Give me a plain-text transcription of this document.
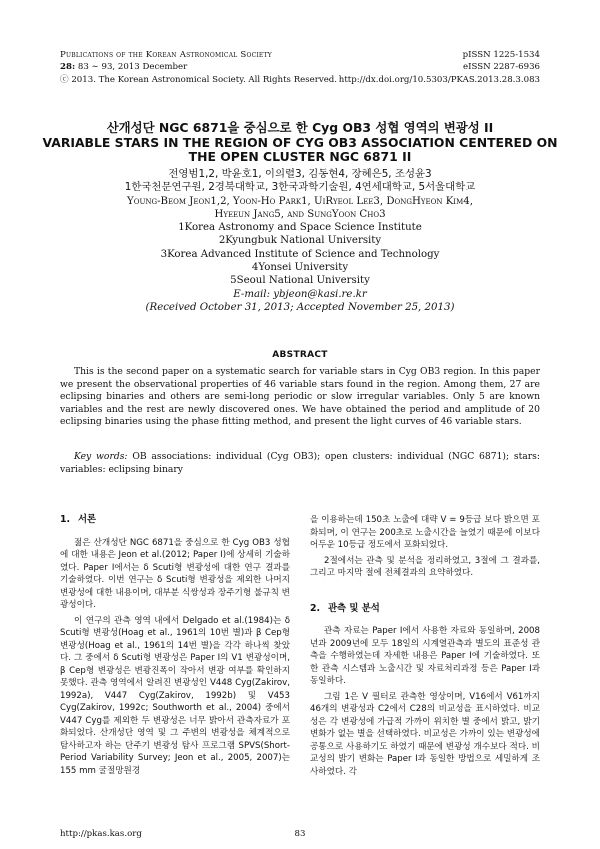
Publications of the Korean Astronomical Society
28: 83 ∼ 93, 2013 December
ⓒ 2013. The Korean Astronomical Society. All Rights Reserved.
pISSN 1225-1534
eISSN 2287-6936
http://dx.doi.org/10.5303/PKAS.2013.28.3.083
산개성단 NGC 6871을 중심으로 한 Cyg OB3 성협 영역의 변광성 II
VARIABLE STARS IN THE REGION OF CYG OB3 ASSOCIATION CENTERED ON
THE OPEN CLUSTER NGC 6871 II
전영범1,2, 박윤호1, 이의렬3, 김동현4, 장혜은5, 조성윤3
1한국천문연구원, 2경북대학교, 3한국과학기술원, 4연세대학교, 5서울대학교
Young-Beom Jeon1,2, Yoon-Ho Park1, UiRyeol Lee3, DongHyeon Kim4,
Hyeeun Jang5, and SungYoon Cho3
1Korea Astronomy and Space Science Institute
2Kyungbuk National University
3Korea Advanced Institute of Science and Technology
4Yonsei University
5Seoul National University
E-mail: ybjeon@kasi.re.kr
(Received October 31, 2013; Accepted November 25, 2013)
ABSTRACT
This is the second paper on a systematic search for variable stars in Cyg OB3 region. In this paper we present the observational properties of 46 variable stars found in the region. Among them, 27 are eclipsing binaries and others are semi-long periodic or slow irregular variables. Only 5 are known variables and the rest are newly discovered ones. We have obtained the period and amplitude of 20 eclipsing binaries using the phase fitting method, and present the light curves of 46 variable stars.
Key words: OB associations: individual (Cyg OB3); open clusters: individual (NGC 6871); stars: variables: eclipsing binary
1. 서론

젊은 산개성단 NGC 6871을 중심으로 한 Cyg OB3 성협에 대한 내용은 Jeon et al.(2012; Paper I)에 상세히 기술하였다. Paper I에서는 δ Scuti형 변광성에 대한 연구 결과를 기술하였다. 이번 연구는 δ Scuti형 변광성을 제외한 나머지 변광성에 대한 내용이며, 대부분 식쌍성과 장주기형 불규칙 변광성이다.

이 연구의 관측 영역 내에서 Delgado et al.(1984)는 δ Scuti형 변광성(Hoag et al., 1961의 10번 별)과 β Cep형 변광성(Hoag et al., 1961의 14번 별)을 각각 하나씩 찾았다. 그 중에서 δ Scuti형 변광성은 Paper I의 V1 변광성이며, β Cep형 변광성은 변광진폭이 작아서 변광 여부를 확인하지 못했다. 관측 영역에서 알려진 변광성인 V448 Cyg(Zakirov, 1992a), V447 Cyg(Zakirov, 1992b) 및 V453 Cyg(Zakirov, 1992c; Southworth et al., 2004) 중에서 V447 Cyg를 제외한 두 변광성은 너무 밝아서 관측자료가 포화되었다. 산개성단 영역 및 그 주변의 변광성을 체계적으로 탐사하고자 하는 단주기 변광성 탐사 프로그램 SPVS(Short-Period Variability Survey; Jeon et al., 2005, 2007)는 155 mm 굴절망원경

을 이용하는데 150초 노출에 대략 V = 9등급 보다 밝으면 포화되며, 이 연구는 200초로 노출시간을 늘였기 때문에 이보다 어두운 10등급 정도에서 포화되었다.

2절에서는 관측 및 분석을 정리하였고, 3절에 그 결과를, 그리고 마지막 절에 전체결과의 요약하였다.

2. 관측 및 분석

관측 자료는 Paper I에서 사용한 자료와 동일하며, 2008년과 2009년에 모두 18일의 시계열관측과 별도의 표준성 관측을 수행하였는데 자세한 내용은 Paper I에 기술하였다. 또한 관측 시스템과 노출시간 및 자료처리과정 등은 Paper I과 동일하다.

그림 1은 V 필터로 관측한 영상이며, V16에서 V61까지 46개의 변광성과 C2에서 C28의 비교성을 표시하였다. 비교성은 각 변광성에 가급적 가까이 위치한 별 중에서 밝고, 밝기 변화가 없는 별을 선택하였다. 비교성은 가까이 있는 변광성에 공통으로 사용하기도 하였기 때문에 변광성 개수보다 적다. 비교성의 밝기 변화는 Paper I과 동일한 방법으로 세밀하게 조사하였다. 각

http://pkas.kas.org	83
